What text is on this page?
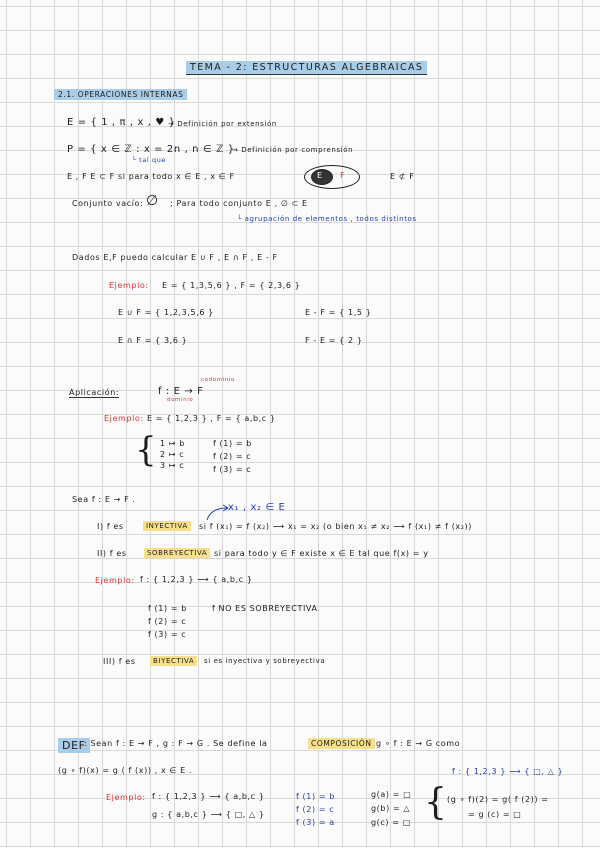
TEMA - 2: ESTRUCTURAS ALGEBRAICAS
2.1. OPERACIONES INTERNAS
E = { 1 , π , x , ♥ }
→ Definición por extensión
P = { x ∈ ℤ : x = 2n , n ∈ ℤ }
→ Definición por comprensión
└ tal que
E , F E ⊂ F si para todo x ∈ E , x ∈ F	E F	E ⊄ F
Conjunto vacío: ∅ ; Para todo conjunto E , ∅ ⊂ E
└ agrupación de elementos , todos distintos
Dados E,F puedo calcular E ∪ F , E ∩ F , E - F
Ejemplo: E = { 1,3,5,6 } , F = { 2,3,6 }
E ∪ F = { 1,2,3,5,6 }	E - F = { 1,5 }
E ∩ F = { 3,6 }	F - E = { 2 }
Aplicación:	f : E → F
codominio
dominio
Ejemplo: E = { 1,2,3 } , F = { a,b,c }
{ 1 ↦ b
2 ↦ c
3 ↦ c
f (1) = b
f (2) = c
f (3) = c
Sea f : E → F .
x₁ , x₂ ∈ E
I) f es	INYECTIVA	si f (x₁) = f (x₂) ⟶ x₁ = x₂ (o bien x₁ ≠ x₂ ⟶ f (x₁) ≠ f (x₂))
II) f es	SOBREYECTIVA si para todo y ∈ F existe x ∈ E tal que f(x) = y
Ejemplo: f : { 1,2,3 } ⟶ { a,b,c }
f (1) = b
f (2) = c
f (3) = c
f NO ES SOBREYECTIVA
III) f es	BIYECTIVA	si es inyectiva y sobreyectiva
DEF
: Sean f : E → F , g : F → G . Se define la	COMPOSICIÓN g ∘ f : E → G como
(g ∘ f)(x) = g ( f (x)) , x ∈ E .	f : { 1,2,3 } ⟶ { □, △ }
Ejemplo: f : { 1,2,3 } ⟶ { a,b,c }
g : { a,b,c } ⟶ { □, △ }
f (1) = b
f (2) = c
f (3) = a
g(a) = □
g(b) = △
g(c) = □ { (g ∘ f)(2) = g( f (2)) =
= g (c) = □
